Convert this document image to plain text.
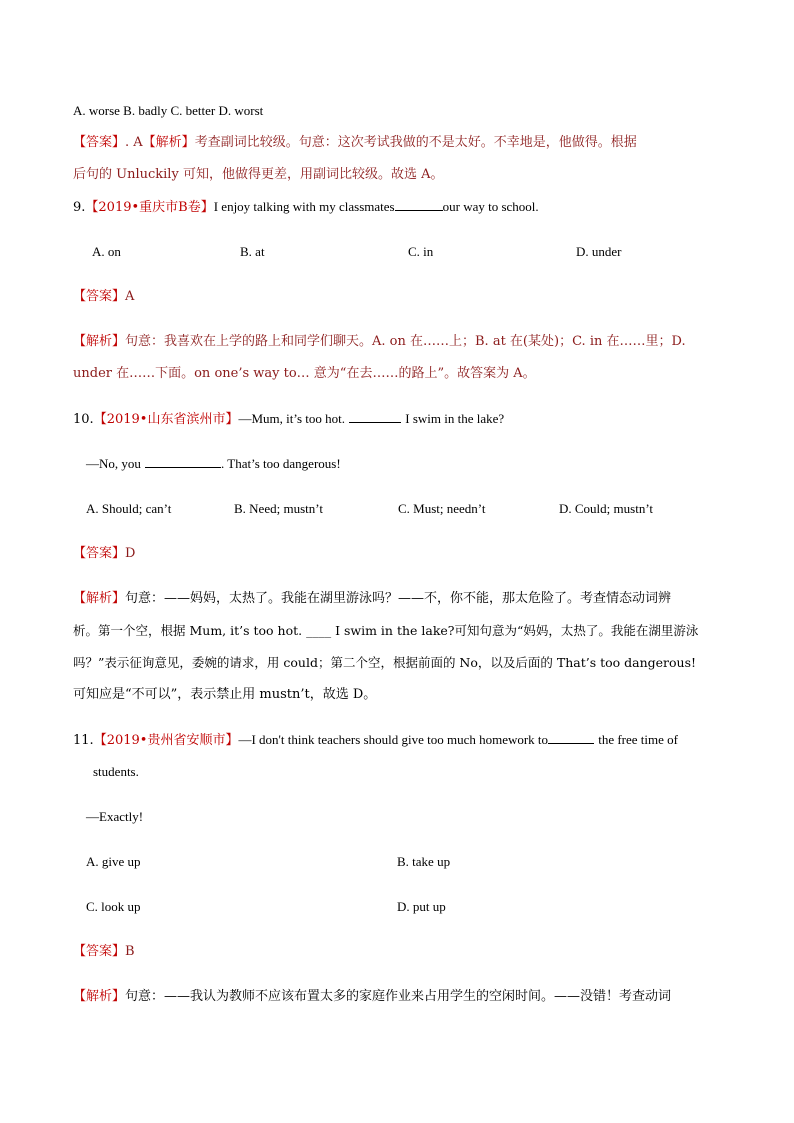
A. worse B. badly C. better D. worst
【答案】. A【解析】考查副词比较级。句意：这次考试我做的不是太好。不幸地是，他做得。根据
后句的 Unluckily 可知，他做得更差，用副词比较级。故选 A。
9.【2019•重庆市B卷】I enjoy talking with my classmates	our way to school.
A. on	B. at	C. in	D. under
【答案】A
【解析】句意：我喜欢在上学的路上和同学们聊天。A. on 在……上；B. at 在(某处)；C. in 在……里；D.
under 在……下面。on one’s way to… 意为“在去……的路上”。故答案为 A。
10.【2019•山东省滨州市】—Mum, it’s too hot.	I swim in the lake?
—No, you	. That’s too dangerous!
A. Should; can’t	B. Need; mustn’t	C. Must; needn’t	D. Could; mustn’t
【答案】D
【解析】句意：——妈妈，太热了。我能在湖里游泳吗？——不，你不能，那太危险了。考查情态动词辨
析。第一个空，根据 Mum, it’s too hot. ____ I swim in the lake?可知句意为“妈妈，太热了。我能在湖里游泳
吗？”表示征询意见，委婉的请求，用 could；第二个空，根据前面的 No，以及后面的 That’s too dangerous!
可知应是“不可以”，表示禁止用 mustn’t，故选 D。
11.【2019•贵州省安顺市】—I don't think teachers should give too much homework to	the free time of
students.
—Exactly!
A. give up	B. take up
C. look up	D. put up
【答案】B
【解析】句意：——我认为教师不应该布置太多的家庭作业来占用学生的空闲时间。——没错！考查动词
